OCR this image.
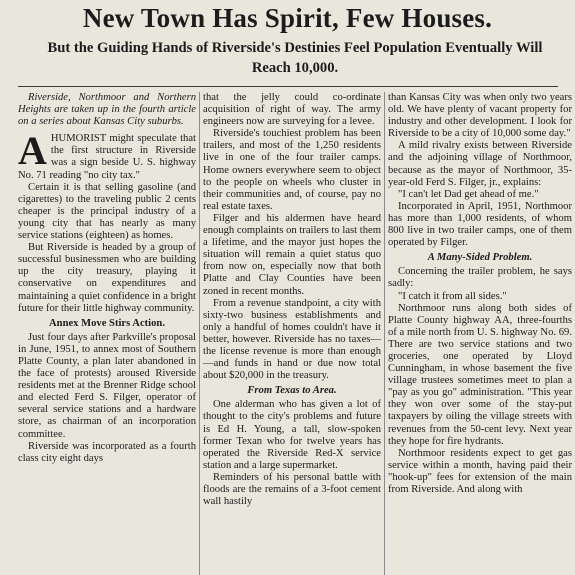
New Town Has Spirit, Few Houses.
But the Guiding Hands of Riverside's Destinies Feel Population Eventually Will Reach 10,000.

Riverside, Northmoor and Northern Heights are taken up in the fourth article on a series about Kansas City suburbs.

AHUMORIST might speculate that the first structure in Riverside was a sign beside U. S. highway No. 71 reading "no city tax."

Certain it is that selling gasoline (and cigarettes) to the traveling public 2 cents cheaper is the principal industry of a young city that has nearly as many service stations (eighteen) as homes.

But Riverside is headed by a group of successful businessmen who are building up the city treasury, playing it conservative on expenditures and maintaining a quiet confidence in a bright future for their little highway community.

Annex Move Stirs Action.

Just four days after Parkville's proposal in June, 1951, to annex most of Southern Platte County, a plan later abandoned in the face of protests) aroused Riverside residents met at the Brenner Ridge school and elected Ferd S. Filger, operator of several service stations and a hardware store, as chairman of an incorporation committee.

Riverside was incorporated as a fourth class city eight days

that the jelly could co-ordinate acquisition of right of way. The army engineers now are surveying for a levee.

Riverside's touchiest problem has been trailers, and most of the 1,250 residents live in one of the four trailer camps. Home owners everywhere seem to object to the people on wheels who cluster in their communities and, of course, pay no real estate taxes.

Filger and his aldermen have heard enough complaints on trailers to last them a lifetime, and the mayor just hopes the situation will remain a quiet status quo from now on, especially now that both Platte and Clay Counties have been zoned in recent months.

From a revenue standpoint, a city with sixty-two business establishments and only a handful of homes couldn't have it better, however. Riverside has no taxes—the license revenue is more than enough—and funds in hand or due now total about $20,000 in the treasury.

From Texas to Area.

One alderman who has given a lot of thought to the city's problems and future is Ed H. Young, a tall, slow-spoken former Texan who for twelve years has operated the Riverside Red-X service station and a large supermarket.

Reminders of his personal battle with floods are the remains of a 3-foot cement wall hastily

than Kansas City was when only two years old. We have plenty of vacant property for industry and other development. I look for Riverside to be a city of 10,000 some day."

A mild rivalry exists between Riverside and the adjoining village of Northmoor, because as the mayor of Northmoor, 35-year-old Ferd S. Filger, jr., explains:

"I can't let Dad get ahead of me."

Incorporated in April, 1951, Northmoor has more than 1,000 residents, of whom 800 live in two trailer camps, one of them operated by Filger.

A Many-Sided Problem.

Concerning the trailer problem, he says sadly:

"I catch it from all sides."

Northmoor runs along both sides of Platte County highway AA, three-fourths of a mile north from U. S. highway No. 69. There are two service stations and two groceries, one operated by Lloyd Cunningham, in whose basement the five village trustees sometimes meet to plan a "pay as you go" administration. "This year they won over some of the stay-put taxpayers by oiling the village streets with revenues from the 50-cent levy. Next year they hope for fire hydrants.

Northmoor residents expect to get gas service within a month, having paid their "hook-up" fees for extension of the main from Riverside. And along with
